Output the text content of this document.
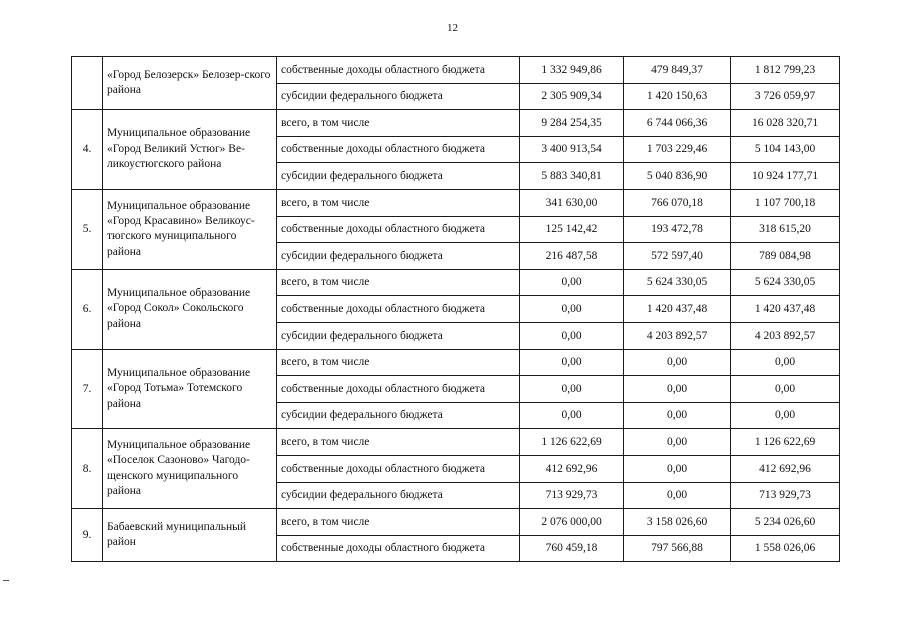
12
	«Город Белозерск» Белозер-ского района	собственные доходы областного бюджета	1 332 949,86	479 849,37	1 812 799,23
		субсидии федерального бюджета	2 305 909,34	1 420 150,63	3 726 059,97
4.	Муниципальное образование «Город Великий Устюг» Ве-ликоустюгского района	всего, в том числе	9 284 254,35	6 744 066,36	16 028 320,71
		собственные доходы областного бюджета	3 400 913,54	1 703 229,46	5 104 143,00
		субсидии федерального бюджета	5 883 340,81	5 040 836,90	10 924 177,71
5.	Муниципальное образование «Город Красавино» Великоус-тюгского муниципального района	всего, в том числе	341 630,00	766 070,18	1 107 700,18
		собственные доходы областного бюджета	125 142,42	193 472,78	318 615,20
		субсидии федерального бюджета	216 487,58	572 597,40	789 084,98
6.	Муниципальное образование «Город Сокол» Сокольского района	всего, в том числе	0,00	5 624 330,05	5 624 330,05
		собственные доходы областного бюджета	0,00	1 420 437,48	1 420 437,48
		субсидии федерального бюджета	0,00	4 203 892,57	4 203 892,57
7.	Муниципальное образование «Город Тотьма» Тотемского района	всего, в том числе	0,00	0,00	0,00
		собственные доходы областного бюджета	0,00	0,00	0,00
		субсидии федерального бюджета	0,00	0,00	0,00
8.	Муниципальное образование «Поселок Сазоново» Чагодо-щенского муниципального района	всего, в том числе	1 126 622,69	0,00	1 126 622,69
		собственные доходы областного бюджета	412 692,96	0,00	412 692,96
		субсидии федерального бюджета	713 929,73	0,00	713 929,73
9.	Бабаевский муниципальный район	всего, в том числе	2 076 000,00	3 158 026,60	5 234 026,60
		собственные доходы областного бюджета	760 459,18	797 566,88	1 558 026,06
